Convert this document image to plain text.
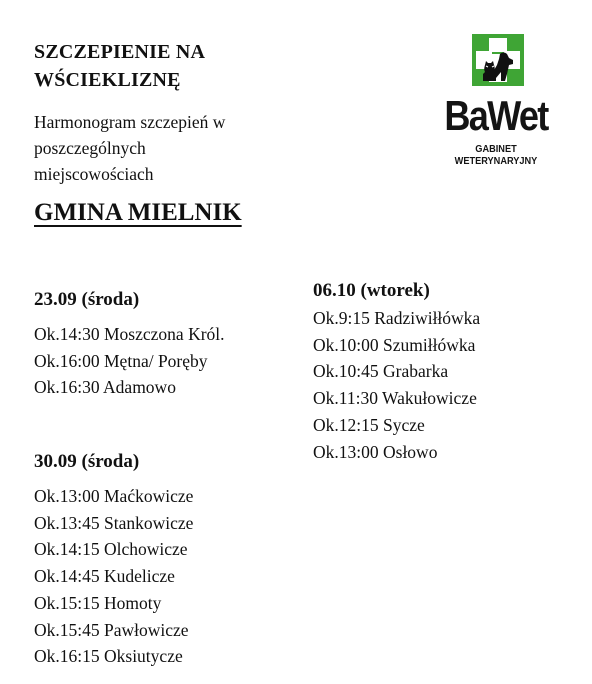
SZCZEPIENIE NA
WŚCIEKLIZNĘ
Harmonogram szczepień w
poszczególnych
miejscowościach
GMINA MIELNIK
BaWet
GABINET WETERYNARYJNY
23.09 (środa)
Ok.14:30 Moszczona Król.
Ok.16:00 Mętna/ Poręby
Ok.16:30 Adamowo
30.09 (środa)
Ok.13:00 Maćkowicze
Ok.13:45 Stankowicze
Ok.14:15 Olchowicze
Ok.14:45 Kudelicze
Ok.15:15 Homoty
Ok.15:45 Pawłowicze
Ok.16:15 Oksiutycze
06.10 (wtorek)
Ok.9:15 Radziwiłłówka
Ok.10:00 Szumiłłówka
Ok.10:45 Grabarka
Ok.11:30 Wakułowicze
Ok.12:15 Sycze
Ok.13:00 Osłowo
